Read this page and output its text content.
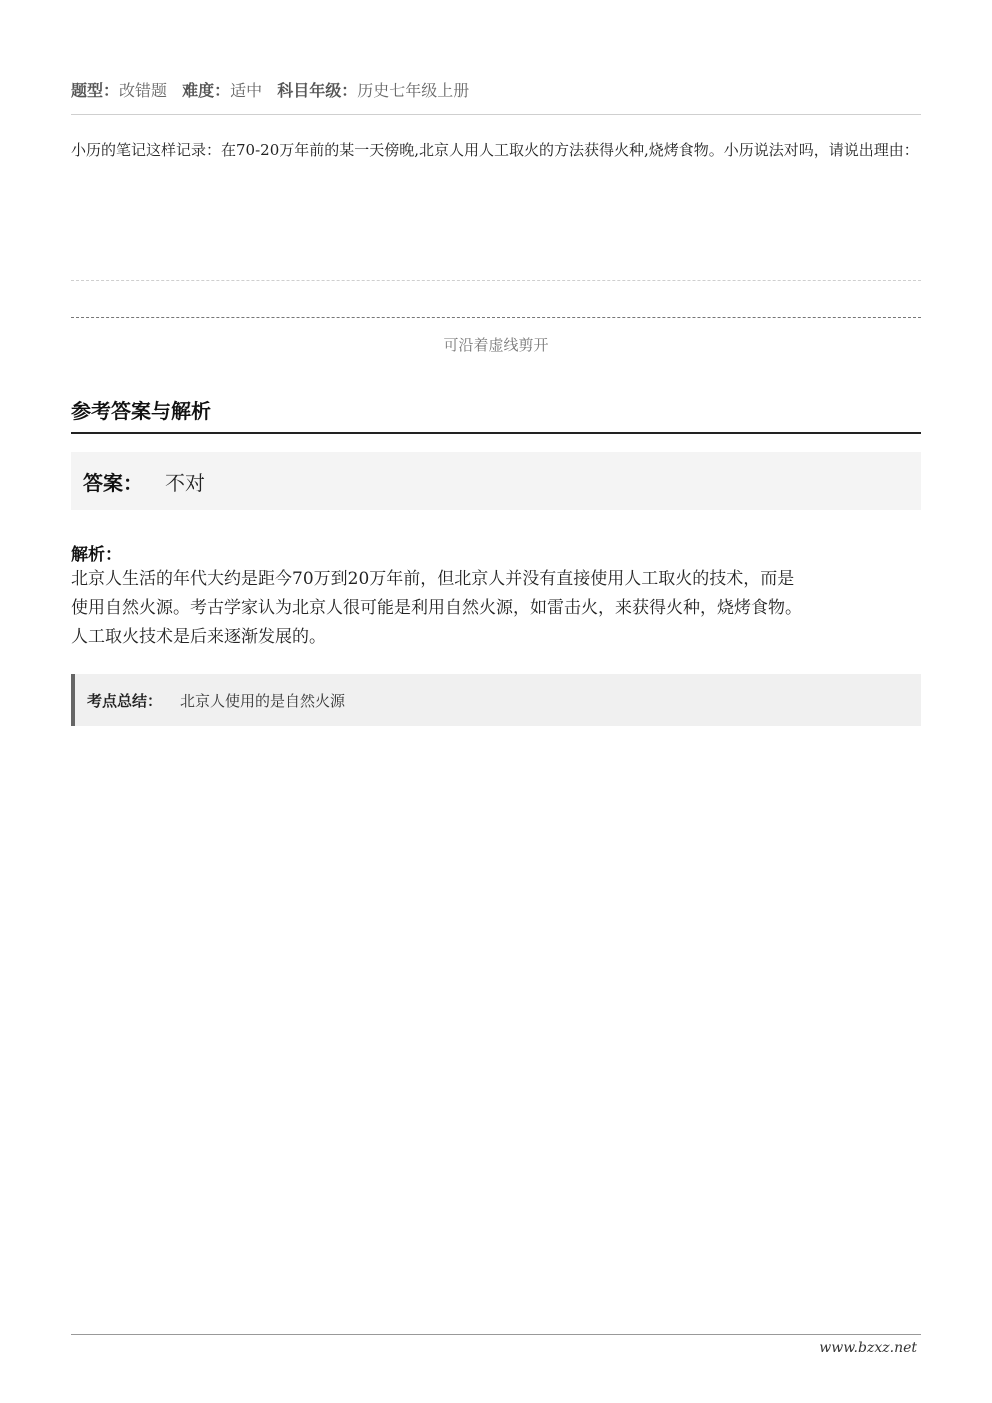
题型：改错题 难度：适中 科目年级：历史七年级上册
小历的笔记这样记录：在70-20万年前的某一天傍晚,北京人用人工取火的方法获得火种,烧烤食物。小历说法对吗，请说出理由：
可沿着虚线剪开
参考答案与解析
答案： 不对
解析：
北京人生活的年代大约是距今70万到20万年前，但北京人并没有直接使用人工取火的技术，而是
使用自然火源。考古学家认为北京人很可能是利用自然火源，如雷击火，来获得火种，烧烤食物。
人工取火技术是后来逐渐发展的。
考点总结： 北京人使用的是自然火源
www.bzxz.net
